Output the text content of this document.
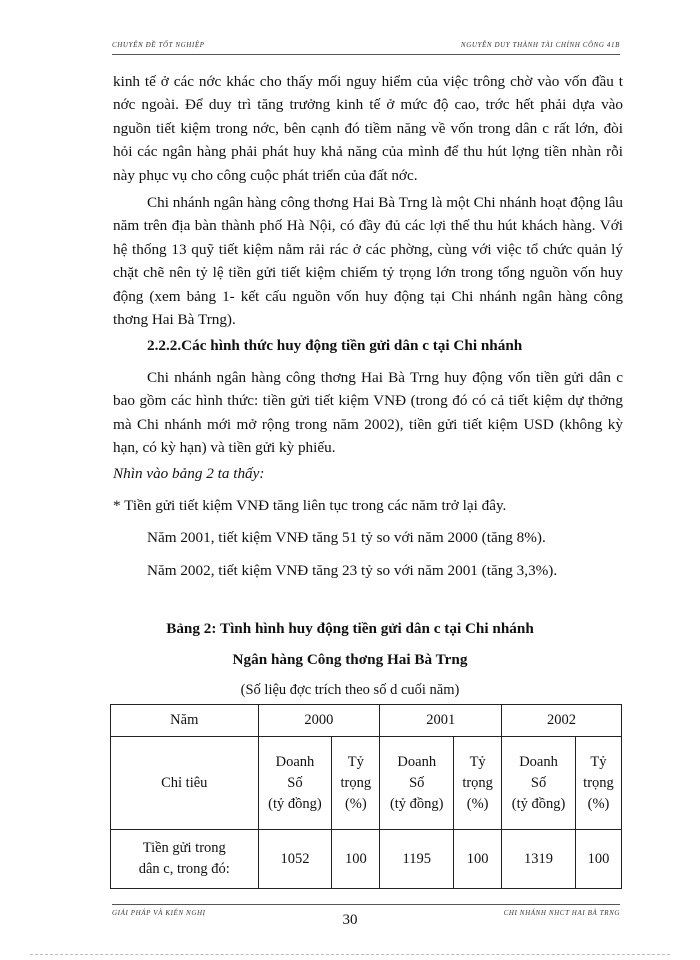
CHUYÊN ĐỀ TỐT NGHIỆP	NGUYỄN DUY THÀNH TÀI CHÍNH CÔNG 41B

kinh tế ở các nớc khác cho thấy mối nguy hiểm của việc trông chờ vào vốn đầu t nớc ngoài. Để duy trì tăng trưởng kinh tế ở mức độ cao, trớc hết phải dựa vào nguồn tiết kiệm trong nớc, bên cạnh đó tiềm năng về vốn trong dân c rất lớn, đòi hỏi các ngân hàng phải phát huy khả năng của mình để thu hút lợng tiền nhàn rỗi này phục vụ cho công cuộc phát triển của đất nớc.

Chi nhánh ngân hàng công thơng Hai Bà Trng là một Chi nhánh hoạt động lâu năm trên địa bàn thành phố Hà Nội, có đầy đủ các lợi thế thu hút khách hàng. Với hệ thống 13 quỹ tiết kiệm nằm rải rác ở các phờng, cùng với việc tổ chức quản lý chặt chẽ nên tỷ lệ tiền gửi tiết kiệm chiếm tỷ trọng lớn trong tổng nguồn vốn huy động (xem bảng 1- kết cấu nguồn vốn huy động tại Chi nhánh ngân hàng công thơng Hai Bà Trng).

2.2.2.Các hình thức huy động tiền gửi dân c tại Chi nhánh

Chi nhánh ngân hàng công thơng Hai Bà Trng huy động vốn tiền gửi dân c bao gồm các hình thức: tiền gửi tiết kiệm VNĐ (trong đó có cả tiết kiệm dự thởng mà Chi nhánh mới mở rộng trong năm 2002), tiền gửi tiết kiệm USD (không kỳ hạn, có kỳ hạn) và tiền gửi kỳ phiếu.

Nhìn vào bảng 2 ta thấy:
* Tiền gửi tiết kiệm VNĐ tăng liên tục trong các năm trở lại đây.
Năm 2001, tiết kiệm VNĐ tăng 51 tỷ so với năm 2000 (tăng 8%).
Năm 2002, tiết kiệm VNĐ tăng 23 tỷ so với năm 2001 (tăng 3,3%).
Bảng 2: Tình hình huy động tiền gửi dân c tại Chi nhánh
Ngân hàng Công thơng Hai Bà Trng
(Số liệu đợc trích theo số d cuối năm)
Năm	2000		2001		2002	
Chỉ tiêu	Doanh
Số
(tỷ đồng)	Tỷ
trọng
(%)	Doanh
Số
(tỷ đồng)	Tỷ
trọng
(%)	Doanh
Số
(tỷ đồng)	Tỷ
trọng
(%)
Tiền gửi trong
dân c, trong đó:	1052	100	1195	100	1319	100
GIẢI PHÁP VÀ KIẾN NGHỊ	CHI NHÁNH NHCT HAI BÀ TRNG
30
